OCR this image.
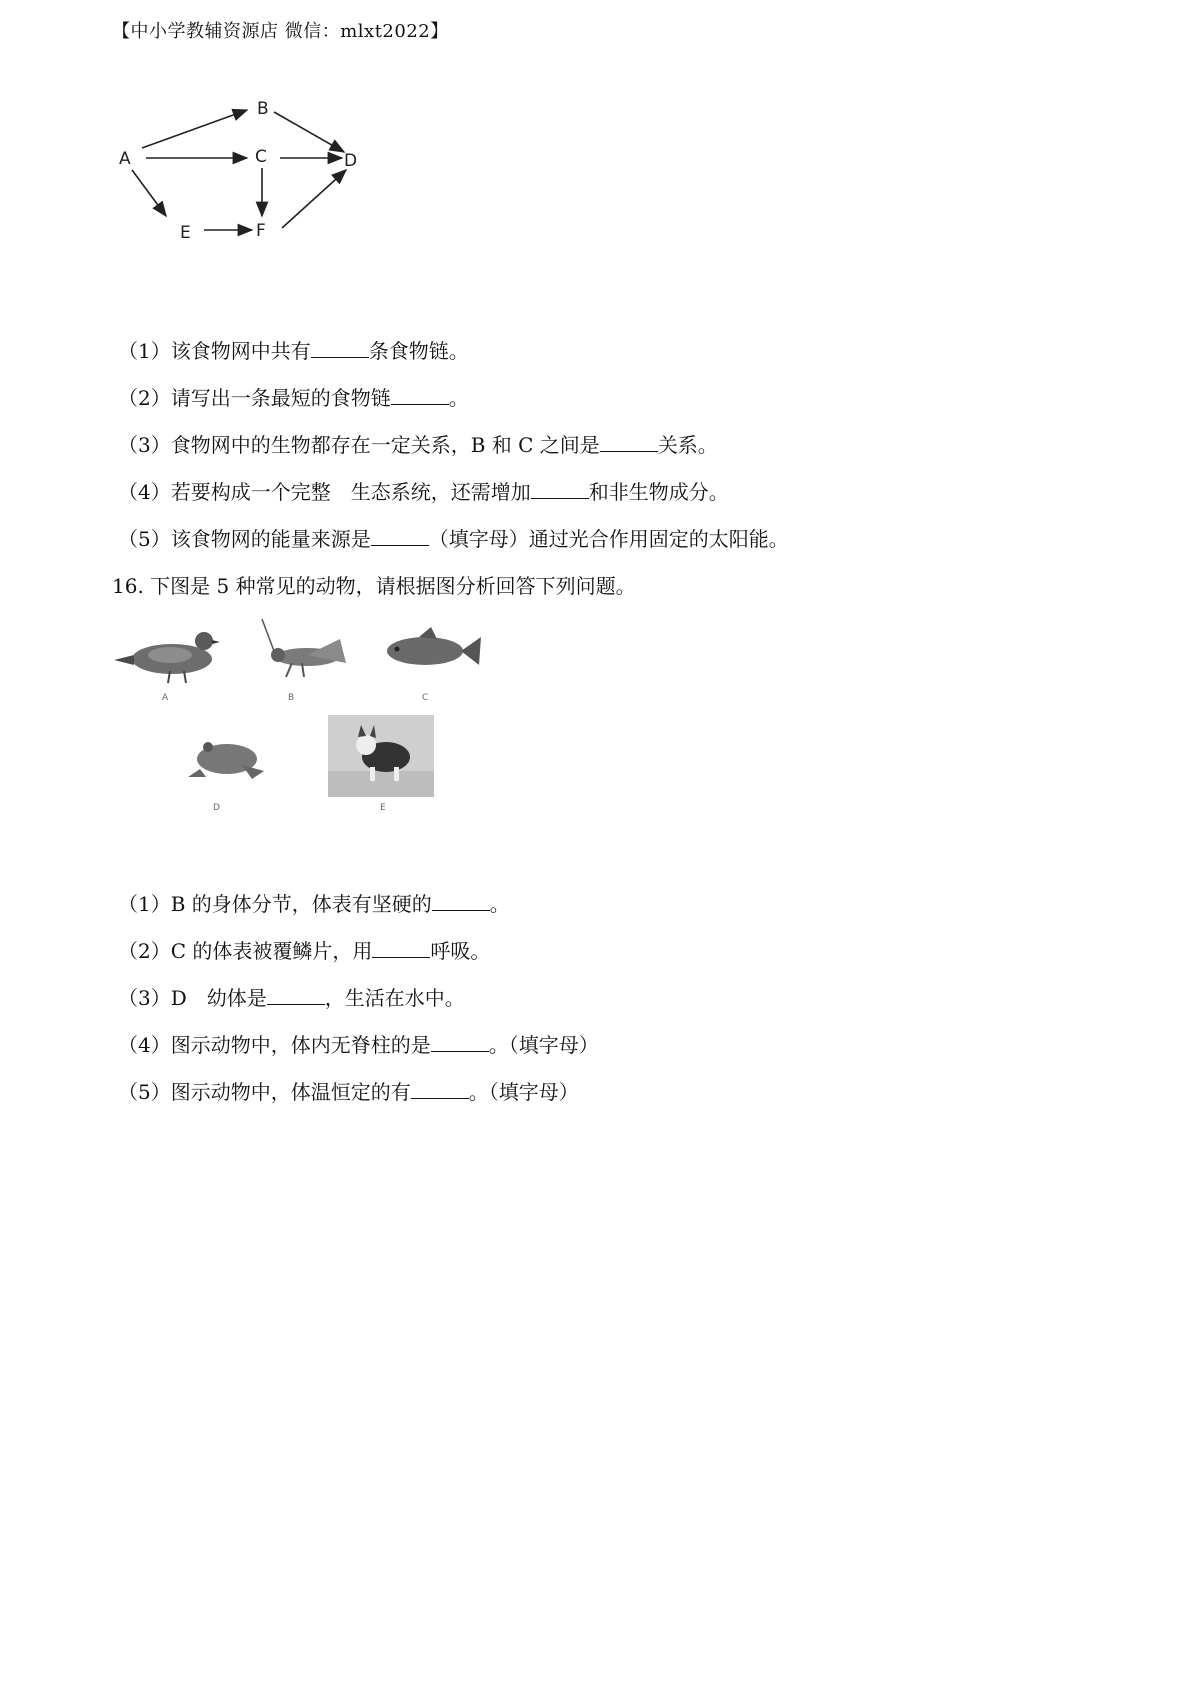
【中小学教辅资源店 微信：mlxt2022】
A
B
C	D
E	F
（1）该食物网中共有	条食物链。
（2）请写出一条最短的食物链	。
（3）食物网中的生物都存在一定关系，B 和 C 之间是	关系。
（4）若要构成一个完整　生态系统，还需增加	和非生物成分。
（5）该食物网的能量来源是	（填字母）通过光合作用固定的太阳能。
16. 下图是 5 种常见的动物，请根据图分析回答下列问题。
A	B	C
D	E
（1）B 的身体分节，体表有坚硬的	。
（2）C 的体表被覆鳞片，用	呼吸。
（3）D　幼体是	，生活在水中。
（4）图示动物中，体内无脊柱的是	。（填字母）
（5）图示动物中，体温恒定的有	。（填字母）
